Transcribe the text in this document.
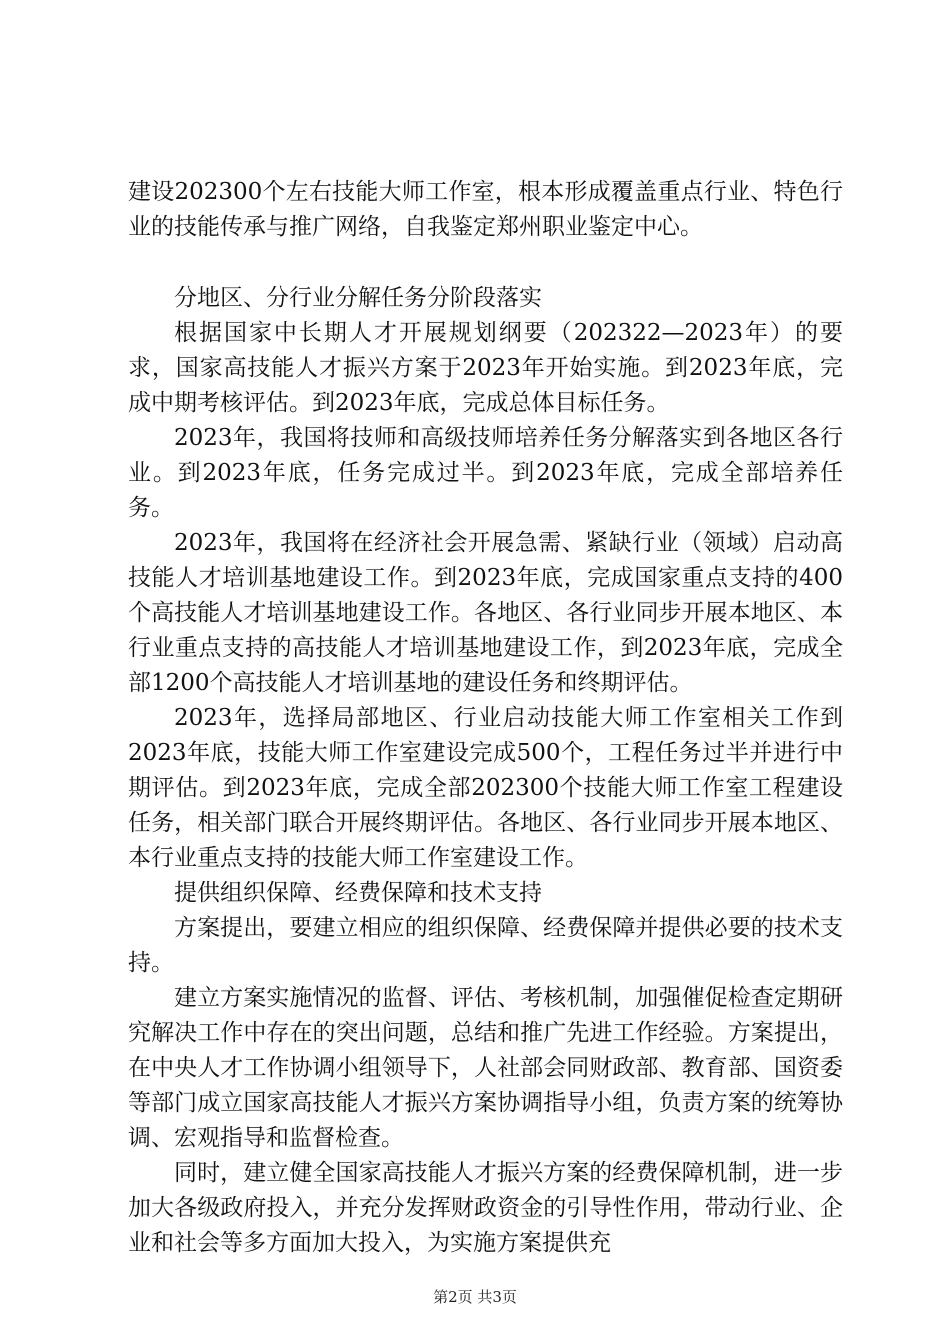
建设202300个左右技能大师工作室，根本形成覆盖重点行业、特色行业的技能传承与推广网络，自我鉴定郑州职业鉴定中心。

分地区、分行业分解任务分阶段落实

根据国家中长期人才开展规划纲要（202322—2023年）的要求，国家高技能人才振兴方案于2023年开始实施。到2023年底，完成中期考核评估。到2023年底，完成总体目标任务。

2023年，我国将技师和高级技师培养任务分解落实到各地区各行业。到2023年底，任务完成过半。到2023年底，完成全部培养任务。

2023年，我国将在经济社会开展急需、紧缺行业（领域）启动高技能人才培训基地建设工作。到2023年底，完成国家重点支持的400个高技能人才培训基地建设工作。各地区、各行业同步开展本地区、本行业重点支持的高技能人才培训基地建设工作，到2023年底，完成全部1200个高技能人才培训基地的建设任务和终期评估。

2023年，选择局部地区、行业启动技能大师工作室相关工作到2023年底，技能大师工作室建设完成500个，工程任务过半并进行中期评估。到2023年底，完成全部202300个技能大师工作室工程建设任务，相关部门联合开展终期评估。各地区、各行业同步开展本地区、本行业重点支持的技能大师工作室建设工作。

提供组织保障、经费保障和技术支持

方案提出，要建立相应的组织保障、经费保障并提供必要的技术支持。

建立方案实施情况的监督、评估、考核机制，加强催促检查定期研究解决工作中存在的突出问题，总结和推广先进工作经验。方案提出，在中央人才工作协调小组领导下，人社部会同财政部、教育部、国资委等部门成立国家高技能人才振兴方案协调指导小组，负责方案的统筹协调、宏观指导和监督检查。

同时，建立健全国家高技能人才振兴方案的经费保障机制，进一步加大各级政府投入，并充分发挥财政资金的引导性作用，带动行业、企业和社会等多方面加大投入，为实施方案提供充

第2页 共3页
